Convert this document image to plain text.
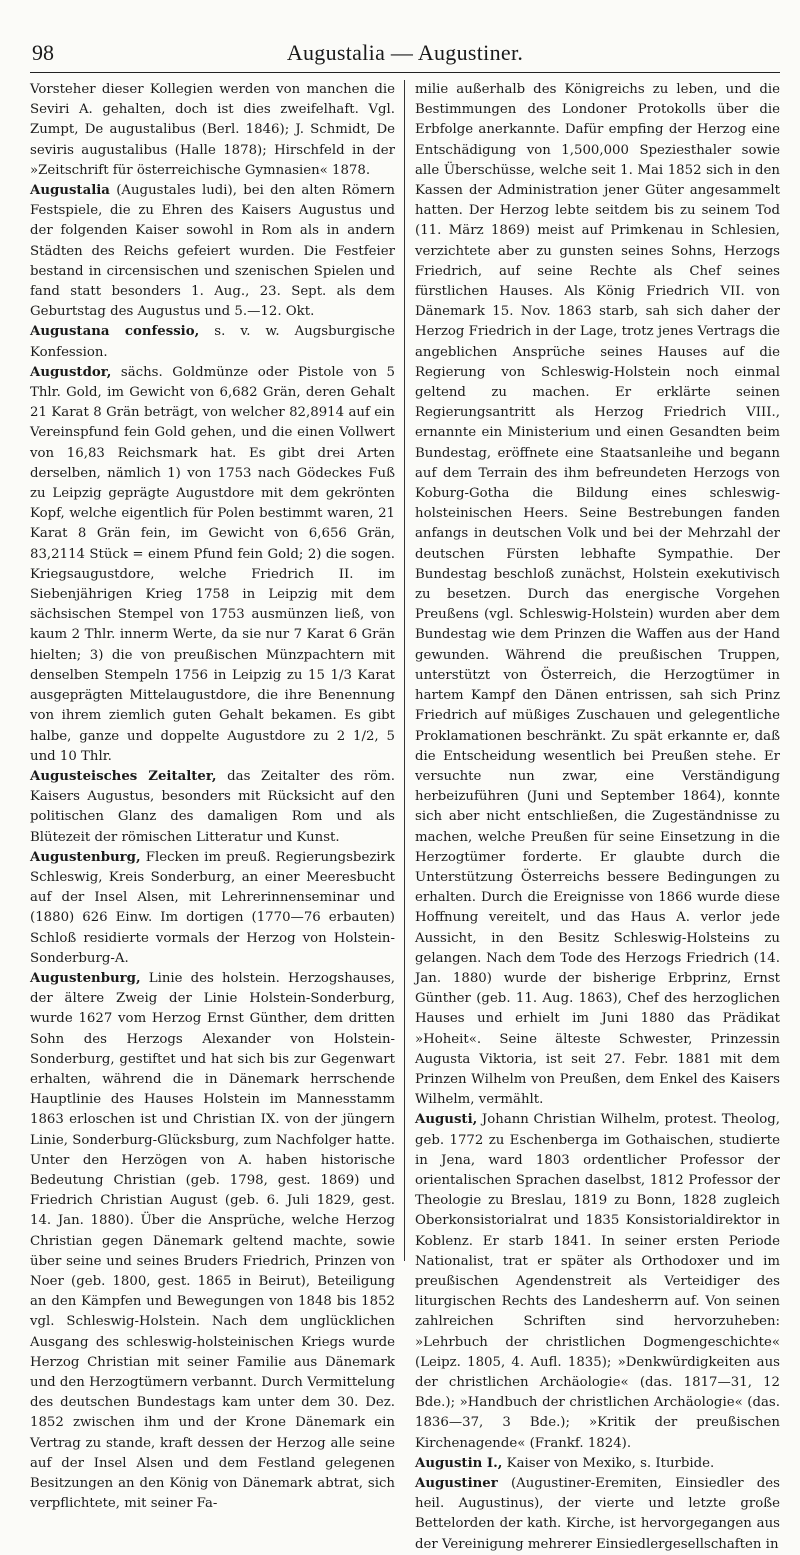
98	Augustalia — Augustiner.

Vorsteher dieser Kollegien werden von manchen die Seviri A. gehalten, doch ist dies zweifelhaft. Vgl. Zumpt, De augustalibus (Berl. 1846); J. Schmidt, De seviris augustalibus (Halle 1878); Hirschfeld in der »Zeitschrift für österreichische Gymnasien« 1878.

Augustalia (Augustales ludi), bei den alten Römern Festspiele, die zu Ehren des Kaisers Augustus und der folgenden Kaiser sowohl in Rom als in andern Städten des Reichs gefeiert wurden. Die Festfeier bestand in circensischen und szenischen Spielen und fand statt besonders 1. Aug., 23. Sept. als dem Geburtstag des Augustus und 5.—12. Okt.

Augustana confessio, s. v. w. Augsburgische Konfession.

Augustdor, sächs. Goldmünze oder Pistole von 5 Thlr. Gold, im Gewicht von 6,682 Grän, deren Gehalt 21 Karat 8 Grän beträgt, von welcher 82,8914 auf ein Vereinspfund fein Gold gehen, und die einen Vollwert von 16,83 Reichsmark hat. Es gibt drei Arten derselben, nämlich 1) von 1753 nach Gödeckes Fuß zu Leipzig geprägte Augustdore mit dem gekrönten Kopf, welche eigentlich für Polen bestimmt waren, 21 Karat 8 Grän fein, im Gewicht von 6,656 Grän, 83,2114 Stück = einem Pfund fein Gold; 2) die sogen. Kriegsaugustdore, welche Friedrich II. im Siebenjährigen Krieg 1758 in Leipzig mit dem sächsischen Stempel von 1753 ausmünzen ließ, von kaum 2 Thlr. innerm Werte, da sie nur 7 Karat 6 Grän hielten; 3) die von preußischen Münzpachtern mit denselben Stempeln 1756 in Leipzig zu 15 1/3 Karat ausgeprägten Mittelaugustdore, die ihre Benennung von ihrem ziemlich guten Gehalt bekamen. Es gibt halbe, ganze und doppelte Augustdore zu 2 1/2, 5 und 10 Thlr.

Augusteisches Zeitalter, das Zeitalter des röm. Kaisers Augustus, besonders mit Rücksicht auf den politischen Glanz des damaligen Rom und als Blütezeit der römischen Litteratur und Kunst.

Augustenburg, Flecken im preuß. Regierungsbezirk Schleswig, Kreis Sonderburg, an einer Meeresbucht auf der Insel Alsen, mit Lehrerinnenseminar und (1880) 626 Einw. Im dortigen (1770—76 erbauten) Schloß residierte vormals der Herzog von Holstein-Sonderburg-A.

Augustenburg, Linie des holstein. Herzogshauses, der ältere Zweig der Linie Holstein-Sonderburg, wurde 1627 vom Herzog Ernst Günther, dem dritten Sohn des Herzogs Alexander von Holstein-Sonderburg, gestiftet und hat sich bis zur Gegenwart erhalten, während die in Dänemark herrschende Hauptlinie des Hauses Holstein im Mannesstamm 1863 erloschen ist und Christian IX. von der jüngern Linie, Sonderburg-Glücksburg, zum Nachfolger hatte. Unter den Herzögen von A. haben historische Bedeutung Christian (geb. 1798, gest. 1869) und Friedrich Christian August (geb. 6. Juli 1829, gest. 14. Jan. 1880). Über die Ansprüche, welche Herzog Christian gegen Dänemark geltend machte, sowie über seine und seines Bruders Friedrich, Prinzen von Noer (geb. 1800, gest. 1865 in Beirut), Beteiligung an den Kämpfen und Bewegungen von 1848 bis 1852 vgl. Schleswig-Holstein. Nach dem unglücklichen Ausgang des schleswig-holsteinischen Kriegs wurde Herzog Christian mit seiner Familie aus Dänemark und den Herzogtümern verbannt. Durch Vermittelung des deutschen Bundestags kam unter dem 30. Dez. 1852 zwischen ihm und der Krone Dänemark ein Vertrag zu stande, kraft dessen der Herzog alle seine auf der Insel Alsen und dem Festland gelegenen Besitzungen an den König von Dänemark abtrat, sich verpflichtete, mit seiner Fa-

milie außerhalb des Königreichs zu leben, und die Bestimmungen des Londoner Protokolls über die Erbfolge anerkannte. Dafür empfing der Herzog eine Entschädigung von 1,500,000 Speziesthaler sowie alle Überschüsse, welche seit 1. Mai 1852 sich in den Kassen der Administration jener Güter angesammelt hatten. Der Herzog lebte seitdem bis zu seinem Tod (11. März 1869) meist auf Primkenau in Schlesien, verzichtete aber zu gunsten seines Sohns, Herzogs Friedrich, auf seine Rechte als Chef seines fürstlichen Hauses. Als König Friedrich VII. von Dänemark 15. Nov. 1863 starb, sah sich daher der Herzog Friedrich in der Lage, trotz jenes Vertrags die angeblichen Ansprüche seines Hauses auf die Regierung von Schleswig-Holstein noch einmal geltend zu machen. Er erklärte seinen Regierungsantritt als Herzog Friedrich VIII., ernannte ein Ministerium und einen Gesandten beim Bundestag, eröffnete eine Staatsanleihe und begann auf dem Terrain des ihm befreundeten Herzogs von Koburg-Gotha die Bildung eines schleswig-holsteinischen Heers. Seine Bestrebungen fanden anfangs in deutschen Volk und bei der Mehrzahl der deutschen Fürsten lebhafte Sympathie. Der Bundestag beschloß zunächst, Holstein exekutivisch zu besetzen. Durch das energische Vorgehen Preußens (vgl. Schleswig-Holstein) wurden aber dem Bundestag wie dem Prinzen die Waffen aus der Hand gewunden. Während die preußischen Truppen, unterstützt von Österreich, die Herzogtümer in hartem Kampf den Dänen entrissen, sah sich Prinz Friedrich auf müßiges Zuschauen und gelegentliche Proklamationen beschränkt. Zu spät erkannte er, daß die Entscheidung wesentlich bei Preußen stehe. Er versuchte nun zwar, eine Verständigung herbeizuführen (Juni und September 1864), konnte sich aber nicht entschließen, die Zugeständnisse zu machen, welche Preußen für seine Einsetzung in die Herzogtümer forderte. Er glaubte durch die Unterstützung Österreichs bessere Bedingungen zu erhalten. Durch die Ereignisse von 1866 wurde diese Hoffnung vereitelt, und das Haus A. verlor jede Aussicht, in den Besitz Schleswig-Holsteins zu gelangen. Nach dem Tode des Herzogs Friedrich (14. Jan. 1880) wurde der bisherige Erbprinz, Ernst Günther (geb. 11. Aug. 1863), Chef des herzoglichen Hauses und erhielt im Juni 1880 das Prädikat »Hoheit«. Seine älteste Schwester, Prinzessin Augusta Viktoria, ist seit 27. Febr. 1881 mit dem Prinzen Wilhelm von Preußen, dem Enkel des Kaisers Wilhelm, vermählt.

Augusti, Johann Christian Wilhelm, protest. Theolog, geb. 1772 zu Eschenberga im Gothaischen, studierte in Jena, ward 1803 ordentlicher Professor der orientalischen Sprachen daselbst, 1812 Professor der Theologie zu Breslau, 1819 zu Bonn, 1828 zugleich Oberkonsistorialrat und 1835 Konsistorialdirektor in Koblenz. Er starb 1841. In seiner ersten Periode Nationalist, trat er später als Orthodoxer und im preußischen Agendenstreit als Verteidiger des liturgischen Rechts des Landesherrn auf. Von seinen zahlreichen Schriften sind hervorzuheben: »Lehrbuch der christlichen Dogmengeschichte« (Leipz. 1805, 4. Aufl. 1835); »Denkwürdigkeiten aus der christlichen Archäologie« (das. 1817—31, 12 Bde.); »Handbuch der christlichen Archäologie« (das. 1836—37, 3 Bde.); »Kritik der preußischen Kirchenagende« (Frankf. 1824).

Augustin I., Kaiser von Mexiko, s. Iturbide.

Augustiner (Augustiner-Eremiten, Einsiedler des heil. Augustinus), der vierte und letzte große Bettelorden der kath. Kirche, ist hervorgegangen aus der Vereinigung mehrerer Einsiedlergesellschaften in
